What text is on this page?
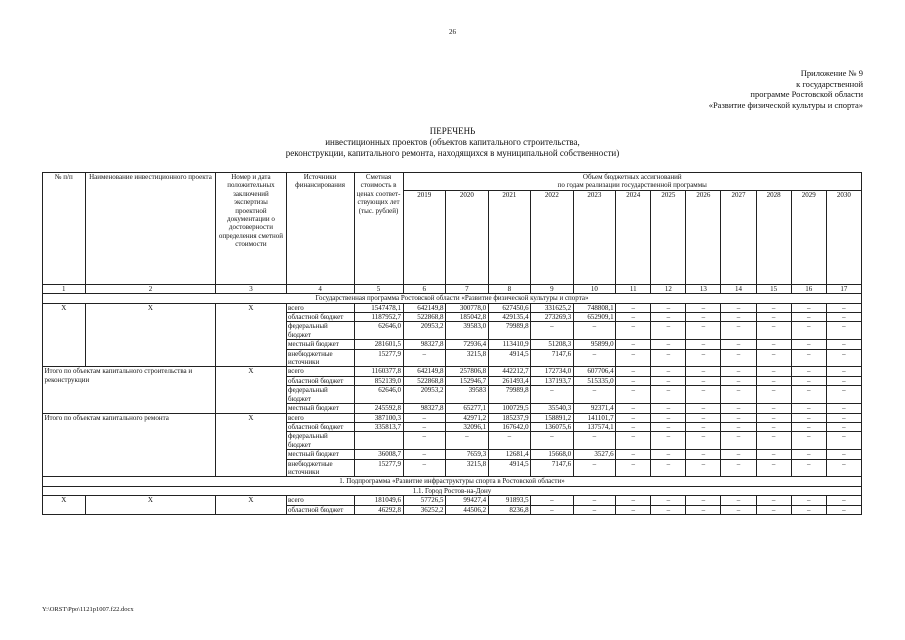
26
Приложение № 9
к государственной
программе Ростовской области
«Развитие физической культуры и спорта»
ПЕРЕЧЕНЬ
инвестиционных проектов (объектов капитального строительства,
реконструкции, капитального ремонта, находящихся в муниципальной собственности)
№ п/п	Наименование инвестиционного проекта	Номер и дата положительных заключений экспертизы проектной документации о достоверности определения сметной стоимости	Источники финансирования	Сметная стоимость в ценах соответ-ствующих лет (тыс. рублей)	Объем бюджетных ассигнований
по годам реализации государственной программы											

					2019	2020	2021	2022	2023	2024	2025	2026	2027	2028	2029	2030
1	2	3	4	5	6	7	8	9	10	11	12	13	14	15	16	17
Государственная программа Ростовской области «Развитие физической культуры и спорта»																
Х	Х	Х	всего	1547478,1	642149,8	300778,0	627450,6	331625,2	748808,1	–	–	–	–	–	–	–
			областной бюджет	1187952,7	522868,8	185042,8	429135,4	273269,3	652909,1	–	–	–	–	–	–	–
			федеральный бюджет	62646,0	20953,2	39583,0	79989,8	–	–	–	–	–	–	–	–	–
			местный бюджет	281601,5	98327,8	72936,4	113410,9	51208,3	95899,0	–	–	–	–	–	–	–
			внебюджетные источники	15277,9	–	3215,8	4914,5	7147,6	–	–	–	–	–	–	–	–
Итого по объектам капитального строительства и реконструкции		Х	всего	1160377,8	642149,8	257806,8	442212,7	172734,0	607706,4	–	–	–	–	–	–	–
			областной бюджет	852139,0	522868,8	152946,7	261493,4	137193,7	515335,0	–	–	–	–	–	–	–
			федеральный бюджет	62646,0	20953,2	39583	79989,8	–	–	–	–	–	–	–	–	–
			местный бюджет	245592,8	98327,8	65277,1	100729,5	35540,3	92371,4	–	–	–	–	–	–	–
Итого по объектам капитального ремонта		Х	всего	387100,3	–	42971,2	185237,9	158891,2	141101,7	–	–	–	–	–	–	–
			областной бюджет	335813,7	–	32096,1	167642,0	136075,6	137574,1	–	–	–	–	–	–	–
			федеральный бюджет		–	–	–	–	–	–	–	–	–	–	–	–
			местный бюджет	36008,7	–	7659,3	12681,4	15668,0	3527,6	–	–	–	–	–	–	–
			внебюджетные источники	15277,9	–	3215,8	4914,5	7147,6	–	–	–	–	–	–	–	–
1. Подпрограмма «Развитие инфраструктуры спорта в Ростовской области»																
1.1. Город Ростов-на-Дону																
Х	Х	Х	всего	181049,6	57726,5	99427,4	91893,5	–	–	–	–	–	–	–	–	–
			областной бюджет	46292,8	36252,2	44506,2	8236,8	–	–	–	–	–	–	–	–	–
Y:\ORST\Ppo\1121p1007.f22.docx
